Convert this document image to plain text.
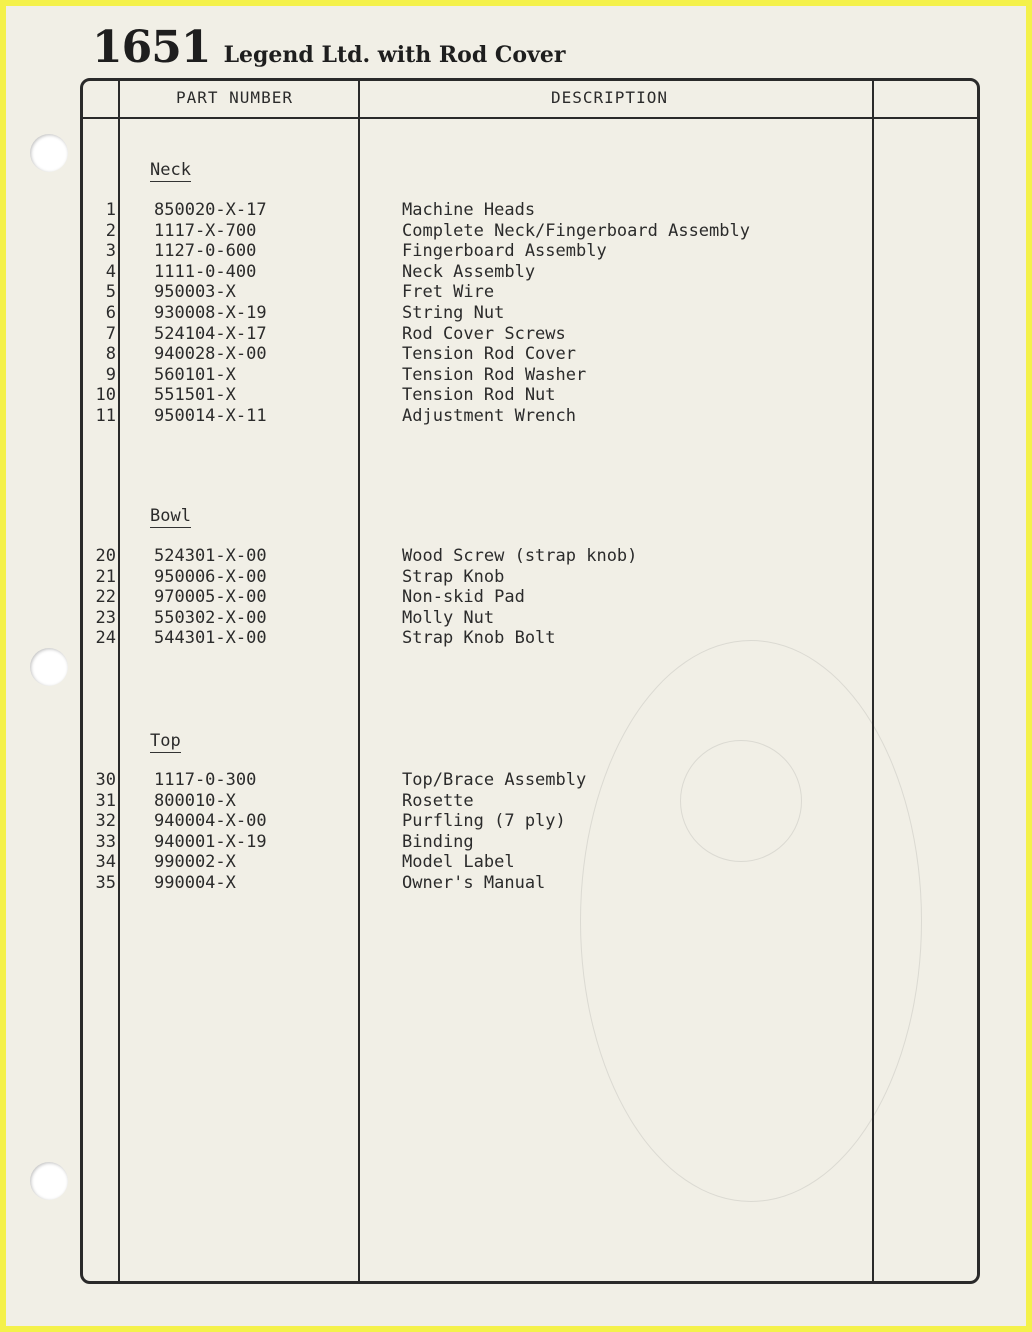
1651 Legend Ltd. with Rod Cover
PART NUMBER	DESCRIPTION
Neck
1 850020-X-17	Machine Heads
2 1117-X-700	Complete Neck/Fingerboard Assembly
3 1127-0-600	Fingerboard Assembly
4 1111-0-400	Neck Assembly
5 950003-X	Fret Wire
6 930008-X-19	String Nut
7 524104-X-17	Rod Cover Screws
8 940028-X-00	Tension Rod Cover
9 560101-X	Tension Rod Washer
10 551501-X	Tension Rod Nut
11 950014-X-11	Adjustment Wrench
Bowl
20 524301-X-00	Wood Screw (strap knob)
21 950006-X-00	Strap Knob
22 970005-X-00	Non-skid Pad
23 550302-X-00	Molly Nut
24 544301-X-00	Strap Knob Bolt
Top
30 1117-0-300	Top/Brace Assembly
31 800010-X	Rosette
32 940004-X-00	Purfling (7 ply)
33 940001-X-19	Binding
34 990002-X	Model Label
35 990004-X	Owner's Manual
